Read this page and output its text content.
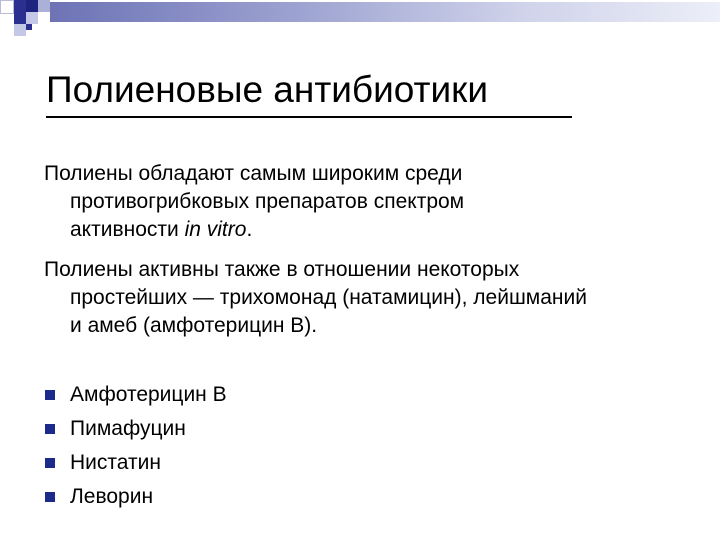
Полиеновые антибиотики

Полиены обладают самым широким среди
противогрибковых препаратов спектром
активности in vitro.

Полиены активны также в отношении некоторых
простейших — трихомонад (натамицин), лейшманий
и амеб (амфотерицин В).

Амфотерицин В
Пимафуцин
Нистатин
Леворин
